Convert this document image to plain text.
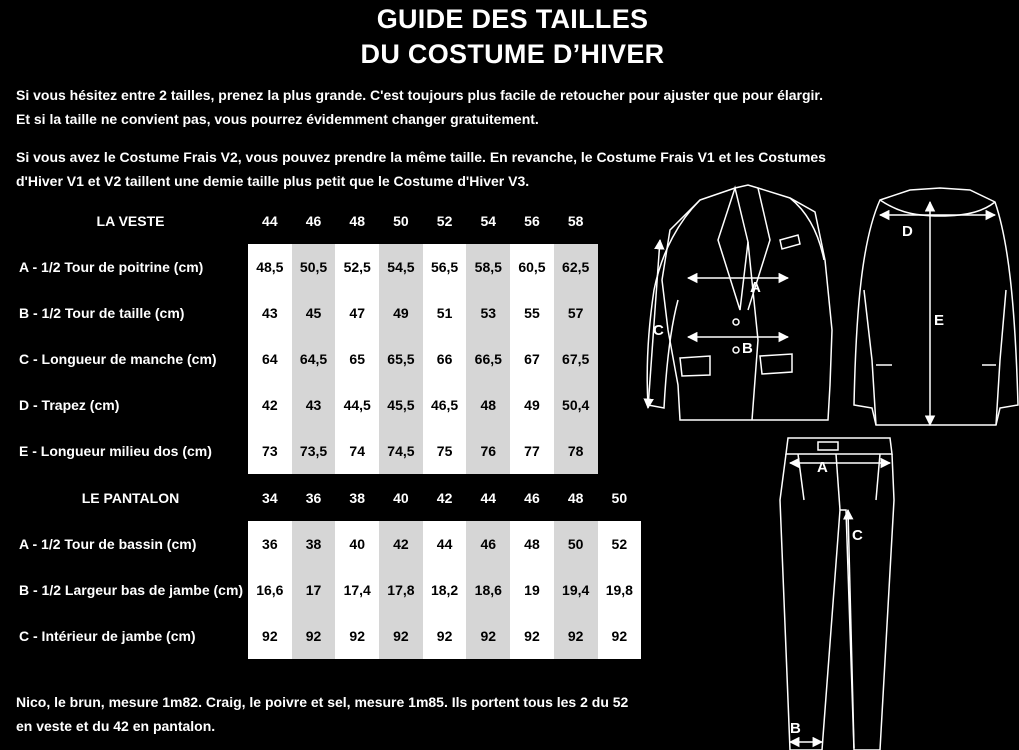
GUIDE DES TAILLES
DU COSTUME D’HIVER
Si vous hésitez entre 2 tailles, prenez la plus grande. C'est toujours plus facile de retoucher pour ajuster que pour élargir.
Et si la taille ne convient pas, vous pourrez évidemment changer gratuitement.
Si vous avez le Costume Frais V2, vous pouvez prendre la même taille. En revanche, le Costume Frais V1 et les Costumes
d'Hiver V1 et V2 taillent une demie taille plus petit que le Costume d'Hiver V3.
LA VESTE	44	46	48	50	52	54	56	58
A - 1/2 Tour de poitrine (cm)	48,5	50,5	52,5	54,5	56,5	58,5	60,5	62,5
B - 1/2 Tour de taille (cm)	43	45	47	49	51	53	55	57
C - Longueur de manche (cm)	64	64,5	65	65,5	66	66,5	67	67,5
D - Trapez (cm)	42	43	44,5	45,5	46,5	48	49	50,4
E - Longueur milieu dos (cm)	73	73,5	74	74,5	75	76	77	78
LE PANTALON	34	36	38	40	42	44	46	48	50
A - 1/2 Tour de bassin (cm)	36	38	40	42	44	46	48	50	52
B - 1/2 Largeur bas de jambe (cm)	16,6	17	17,4	17,8	18,2	18,6	19	19,4	19,8
C - Intérieur de jambe (cm)	92	92	92	92	92	92	92	92	92
Nico, le brun, mesure 1m82. Craig, le poivre et sel, mesure 1m85. Ils portent tous les 2 du 52
en veste et du 42 en pantalon.
A
B
C
D
E
A
C
B
